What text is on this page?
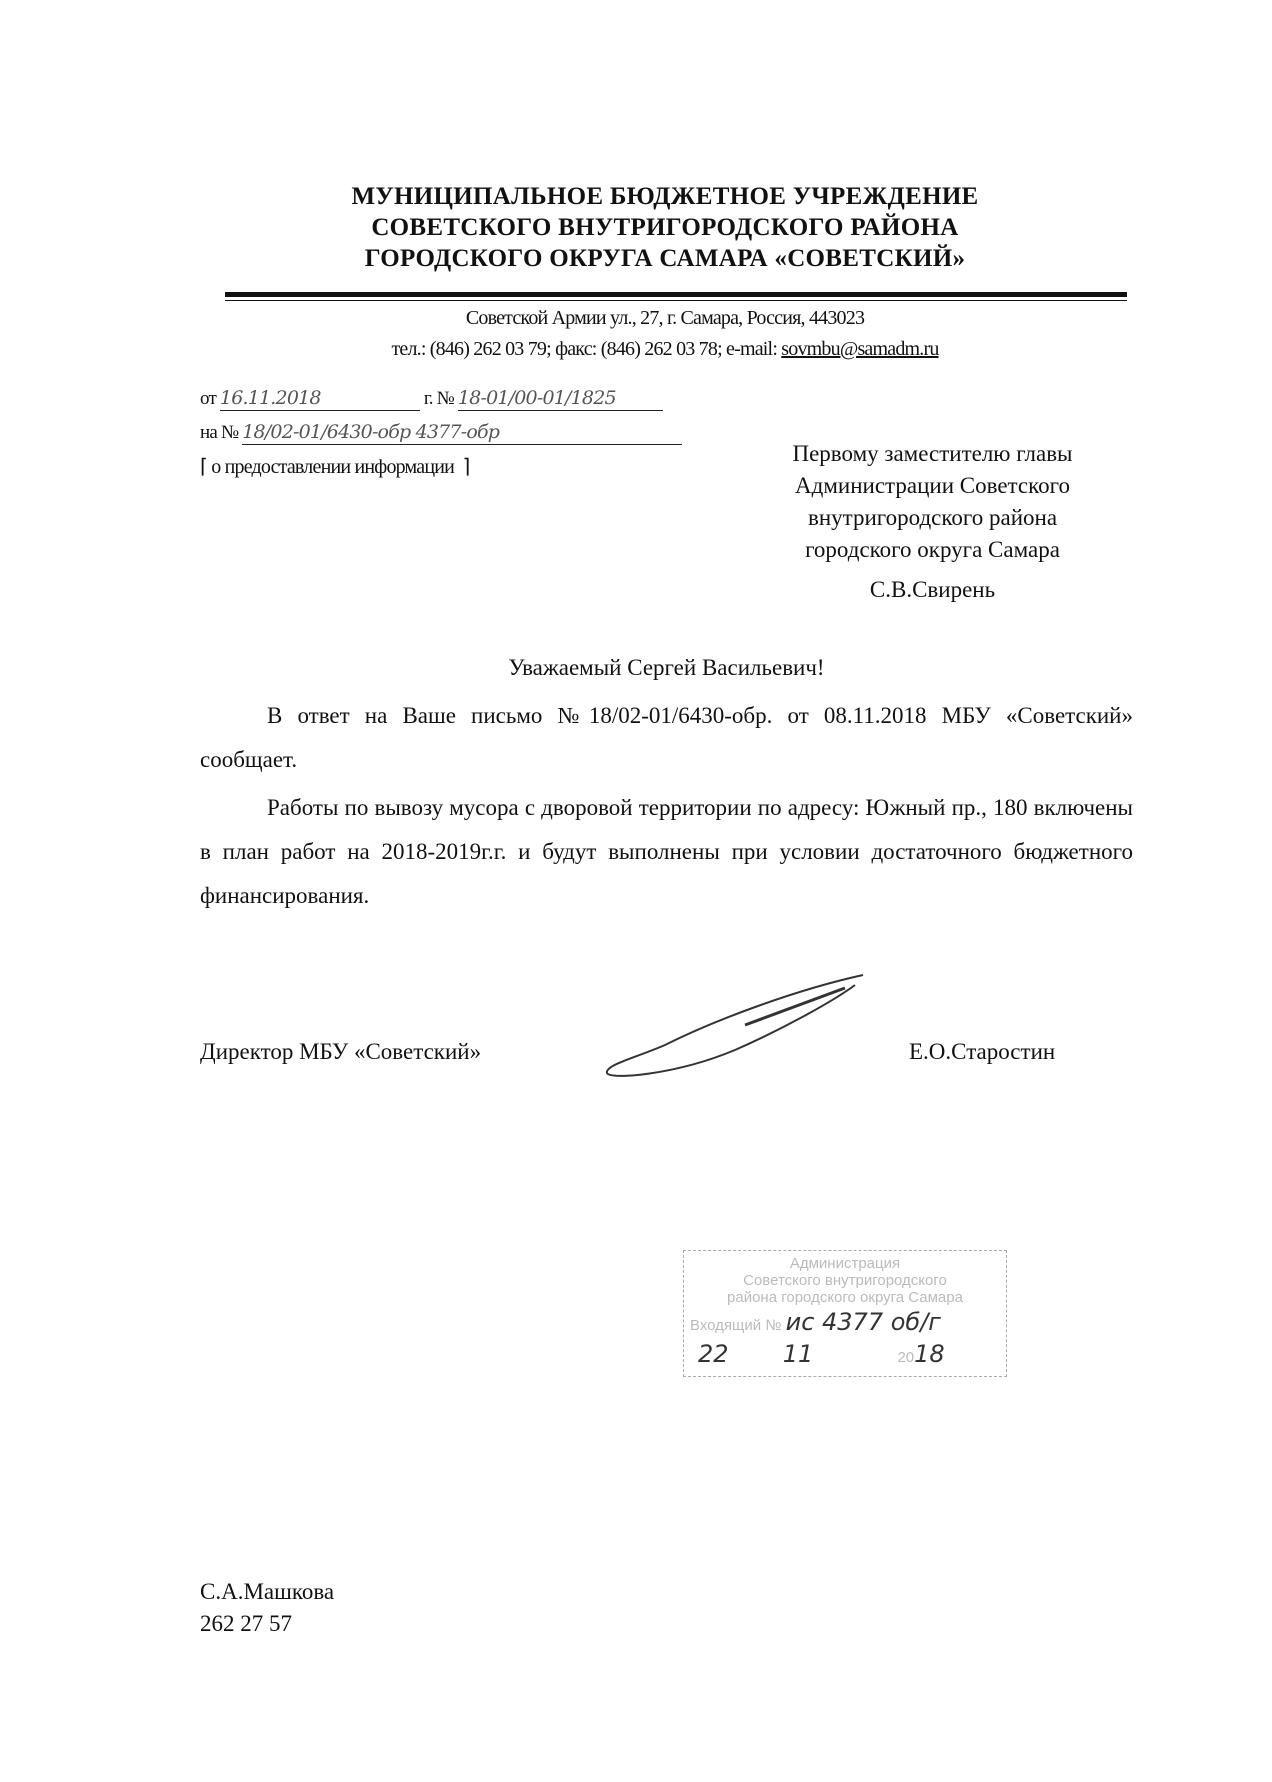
МУНИЦИПАЛЬНОЕ БЮДЖЕТНОЕ УЧРЕЖДЕНИЕ
СОВЕТСКОГО ВНУТРИГОРОДСКОГО РАЙОНА
ГОРОДСКОГО ОКРУГА САМАРА «СОВЕТСКИЙ»
Советской Армии ул., 27, г. Самара, Россия, 443023
тел.: (846) 262 03 79; факс: (846) 262 03 78; e-mail: sovmbu@samadm.ru
от 16.11.2018	г. № 18-01/00-01/1825
на № 18/02-01/6430-обр 4377-обр
⌈ о предоставлении информации  ⌉
Первому заместителю главы
Администрации Советского
внутригородского района
городского округа Самара
С.В.Свирень
Уважаемый Сергей Васильевич!

В ответ на Ваше письмо №18/02-01/6430-обр. от 08.11.2018 МБУ «Советский» сообщает.

Работы по вывозу мусора с дворовой территории по адресу: Южный пр., 180 включены в план работ на 2018-2019г.г. и будут выполнены при условии достаточного бюджетного финансирования.

Директор МБУ «Советский»	Е.О.Старостин
Администрация
Советского внутригородского
района городского округа Самара
Входящий № ис 4377 об/г
22 11	2018
С.А.Машкова
262 27 57
